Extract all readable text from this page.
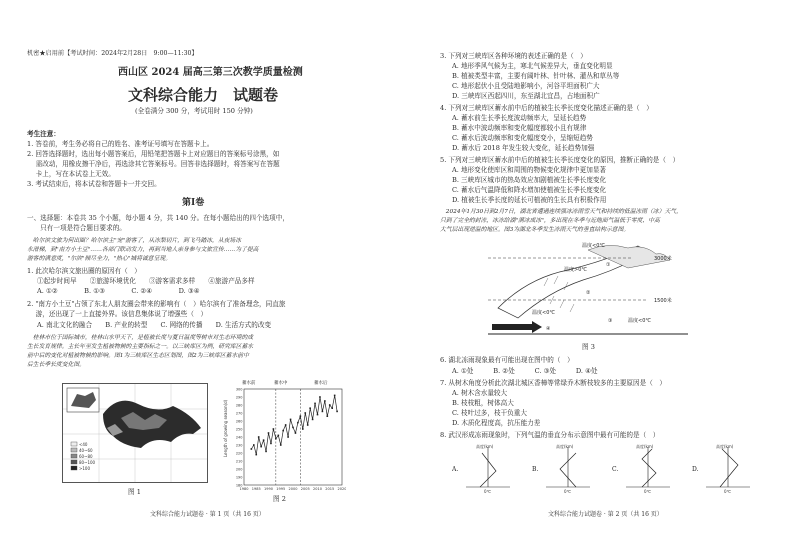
机密★启用前【考试时间：2024年2月28日　9:00—11:30】
西山区 2024 届高三第三次教学质量检测
文科综合能力　试题卷
(全卷满分 300 分，考试用时 150 分钟)
考生注意：
1. 答卷前，考生务必将自己的姓名、准考证号填写在答题卡上。
2. 回答选择题时，选出每小题答案后，用铅笔把答题卡上对应题目的答案标号涂黑，如
　 需改动，用橡皮擦干净后，再选涂其它答案标号。回答非选择题时，将答案写在答题
　 卡上，写在本试卷上无效。
3. 考试结束后，将本试卷和答题卡一并交回。
第Ⅰ卷
一、选择题：本卷共 35 个小题，每小题 4 分，共 140 分。在每小题给出的四个选项中，
　　只有一项是符合题目要求的。
　哈尔滨文旅为何出圈？哈尔滨主"宠"游客了，从冻梨切片，到飞马踏冰，从夜场冰
永滑梯，到"南方小土豆"……各部门联动发力，再到当地人亲身参与文旅宣传……为了提高
游客的满意度，"尔滨"倾尽全力，"热心"城将诚意呈现。
1. 此次哈尔滨文旅出圈的原因有（　）
①起步时间早　　②旅游环境优化　　③游客需求多样　　④旅游产品多样
A. ①②　　　　B. ①③　　　　C. ②④　　　　D. ③④
2. "南方小土豆"占领了东北人朋友圈会带来的影响有（　）哈尔滨有了准备理念，同直旅
　 游，还出现了一上直接外界。该信息集体说了增强些（　）
A. 南北文化的融合　　B. 产业的转型　　C. 网络的传播　　D. 生活方式的改变
　桂林市位于国际城市，桂林山水甲天下，是植被长度与夏日温度等树市对生态环境的成
生长发育规律。主长年至发生植被物候的主要指标之一。以三峡库区为例，研究库区蓄水
前中后的变化对植被物候的影响。图1为三峡库区生态区划图，图2为三峡库区蓄水前中
后生长季长度变化图。
<40
40~60
60~80
80~100
>100
图 1
蓄水前	蓄水中	蓄水后
300
290
280
270
260
250
240
230
220
210
200
190
180
1980 1985 1990 1995 2000 2005 2010 2015 2020
Length of growing season(d)
图 2
文科综合能力试题卷 · 第 1 页（共 16 页）
3. 下列对三峡库区各种环境的表述正确的是（　）
A. 地形季风气候为主，寒北气候差异大，垂直变化明显
B. 植被类型丰富，主要有阔叶林、针叶林、灌丛和草丛等
C. 地形起伏小且受陆地影响小，河谷平坦面积广大
D. 三峡库区西起四川，东至湖北宜昌，占地面积广
4. 下列对三峡库区蓄水前中后的植被生长季长度变化描述正确的是（　）
A. 蓄水前生长季长度波动频率大，呈延长趋势
B. 蓄水中波动频率和变化幅度都较小且有规律
C. 蓄水后波动频率和变化幅度变小，呈缩短趋势
D. 蓄水后 2018 年发生较大变化，延长趋势加强
5. 下列对三峡库区蓄水前中后的植被生长季长度变化的原因，推断正确的是（　）
A. 地形变化使库区和周围的物候变化规律中更加显著
B. 三峡库区城市的热岛效应加剧植被生长季长度变化
C. 蓄水后气温降低和降水增加使植被生长季长度变化
D. 植被生长季长度的延长可植被的生长具有积极作用
　2024年1月30日到2月7日，湖北省遭遇连续强冰冻雨雪天气和持续的低温冻雨（冰）天气，
只到了完全的封冻，冰冻给湖"满冰成冰"，多出现在冬季与近地面气温低于零度、中高
大气层出现逆温的地区。图3为湖北冬季发生冻雨天气的垂直结构示意图。
温度<0℃
温度>0℃
温度<0℃
温度<0℃
3000米
1500米
①
②
③
④
图 3
6. 湖北冻雨现象最有可能出现在图中的（　）
A. ①处　　　B. ②处　　　C. ③处　　　D. ④处
7. 从树木角度分析此次湖北城区香樟等常绿乔木断枝较多的主要原因是（　）
A. 树木含水量较大
B. 枝枝粗，树体高大
C. 枝叶过多，枝干负重大
D. 木质化程度高，抗压能力差
8. 武汉形成冻雨现象时，下列气温的垂直分布示意图中最有可能的是（　）
A.
高度(km)
0℃
B.
高度(km)
0℃
C.
高度(km)
0℃
D.
高度(km)
0℃
文科综合能力试题卷 · 第 2 页（共 16 页）
